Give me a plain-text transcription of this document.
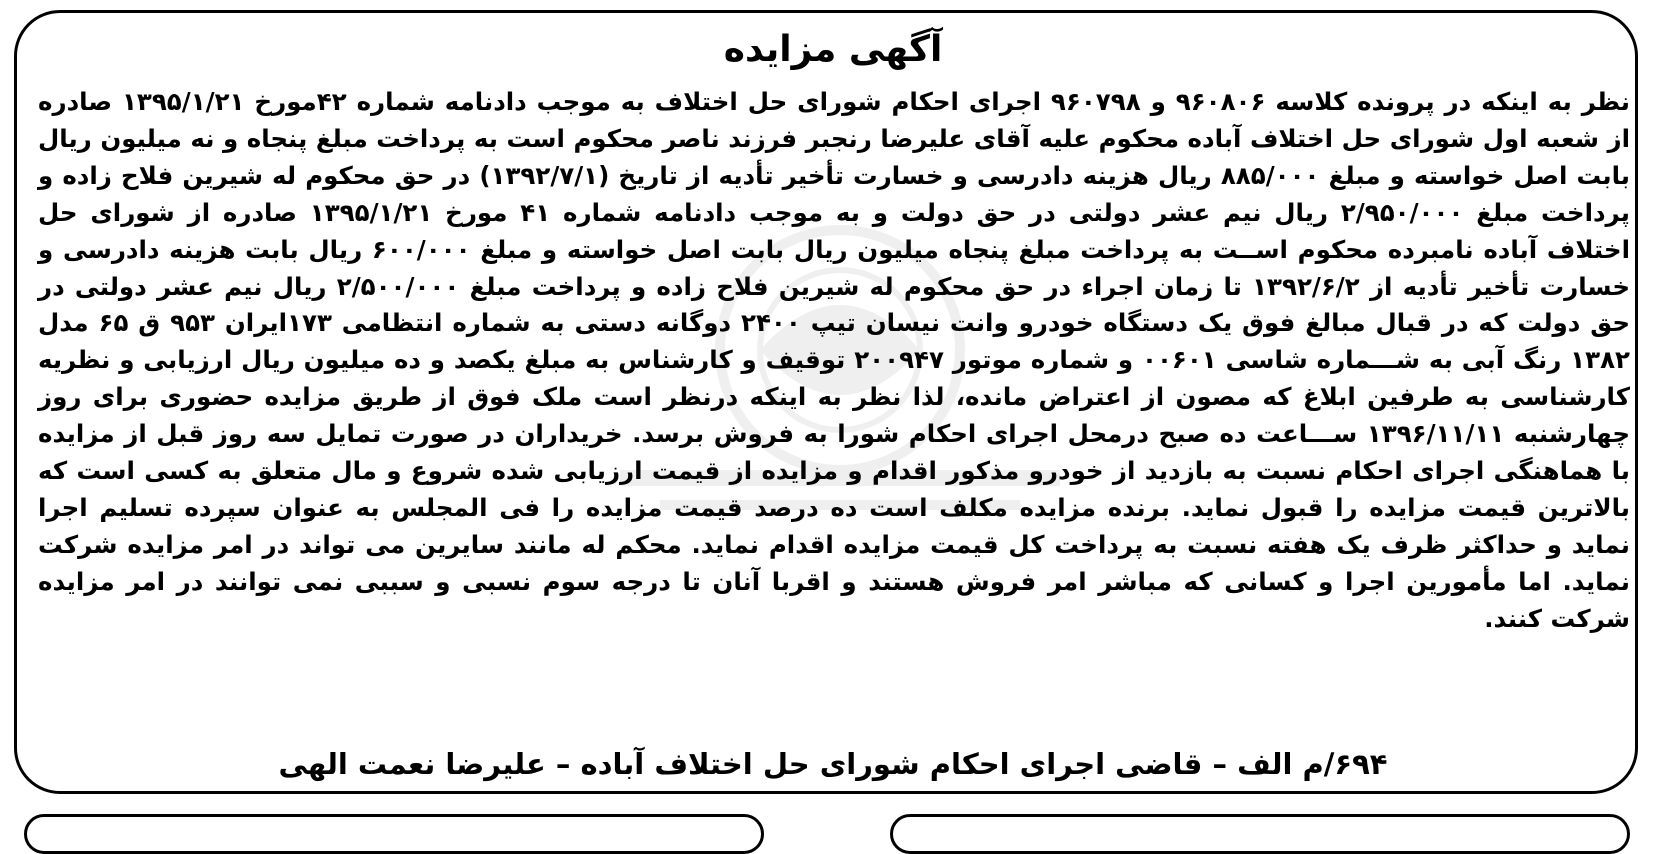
آگهی مزایده
نظر به اینکه در پرونده کلاسه ۹۶۰۸۰۶ و ۹۶۰۷۹۸ اجرای احکام شورای حل اختلاف به موجب دادنامه شماره ۴۲مورخ ۱۳۹۵/۱/۲۱ صادره از شعبه اول شورای حل اختلاف آباده محکوم علیه آقای علیرضا رنجبر فرزند ناصر محکوم است به پرداخت مبلغ پنجاه و نه میلیون ریال بابت اصل خواسته و مبلغ ۸۸۵/۰۰۰ ریال هزینه دادرسی و خسارت تأخیر تأدیه از تاریخ (۱۳۹۲/۷/۱) در حق محکوم له شیرین فلاح زاده و پرداخت مبلغ ۲/۹۵۰/۰۰۰ ریال نیم عشر دولتی در حق دولت و به موجب دادنامه شماره ۴۱ مورخ ۱۳۹۵/۱/۲۱ صادره از شورای حل اختلاف آباده نامبرده محکوم اســت به پرداخت مبلغ پنجاه میلیون ریال بابت اصل خواسته و مبلغ ۶۰۰/۰۰۰ ریال بابت هزینه دادرسی و خسارت تأخیر تأدیه از ۱۳۹۲/۶/۲ تا زمان اجراء در حق محکوم له شیرین فلاح زاده و پرداخت مبلغ ۲/۵۰۰/۰۰۰ ریال نیم عشر دولتی در حق دولت که در قبال مبالغ فوق یک دستگاه خودرو وانت نیسان تیپ ۲۴۰۰ دوگانه دستی به شماره انتظامی ۱۷۳ایران ۹۵۳ ق ۶۵ مدل ۱۳۸۲ رنگ آبی به شـــماره شاسی ۰۰۶۰۱ و شماره موتور ۲۰۰۹۴۷ توقیف و کارشناس به مبلغ یکصد و ده میلیون ریال ارزیابی و نظریه کارشناسی به طرفین ابلاغ که مصون از اعتراض مانده، لذا نظر به اینکه درنظر است ملک فوق از طریق مزایده حضوری برای روز چهارشنبه ۱۳۹۶/۱۱/۱۱ ســـاعت ده صبح درمحل اجرای احکام شورا به فروش برسد. خریداران در صورت تمایل سه روز قبل از مزایده با هماهنگی اجرای احکام نسبت به بازدید از خودرو مذکور اقدام و مزایده از قیمت ارزیابی شده شروع و مال متعلق به کسی است که بالاترین قیمت مزایده را قبول نماید. برنده مزایده مکلف است ده درصد قیمت مزایده را فی المجلس به عنوان سپرده تسلیم اجرا نماید و حداکثر ظرف یک هفته نسبت به پرداخت کل قیمت مزایده اقدام نماید. محکم له مانند سایرین می تواند در امر مزایده شرکت نماید. اما مأمورین اجرا و کسانی که مباشر امر فروش هستند و اقربا آنان تا درجه سوم نسبی و سببی نمی توانند در امر مزایده شرکت کنند.
۶۹۴/م الف – قاضی اجرای احکام شورای حل اختلاف آباده – علیرضا نعمت الهی
